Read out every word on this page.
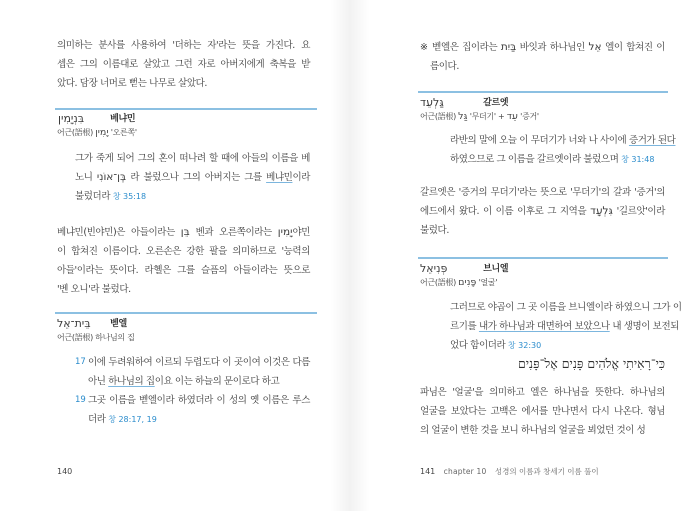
의미하는 분사를 사용하여 '더하는 자'라는 뜻을 가진다. 요
셉은 그의 이름대로 살았고 그런 자로 아버지에게 축복을 받
았다. 담장 너머로 뻗는 나무로 살았다.
בִּנְיָמִין	베냐민
어근(語根) יָמִין '오른쪽'
그가 죽게 되어 그의 혼이 떠나려 할 때에 아들의 이름을 베
노니 בֶּן־אוֹנִי 라 불렀으나 그의 아버지는 그를 베냐민이라
불렀더라 창 35:18
베냐민(빈야민)은 아들이라는 בֵּן 벤과 오른쪽이라는 יָמִין야민
이 합쳐진 이름이다. 오른손은 강한 팔을 의미하므로 '능력의
아들'이라는 뜻이다. 라헬은 그를 슬픔의 아들이라는 뜻으로
'벤 오니'라 불렀다.
בֵּית־אֵל 벧엘
어근(語根) 하나님의 집
17 이에 두려워하여 이르되 두렵도다 이 곳이여 이것은 다름
아닌 하나님의 집이요 이는 하늘의 문이로다 하고
19 그곳 이름을 벧엘이라 하였더라 이 성의 옛 이름은 루스
더라 창 28:17, 19
140
※ 벧엘은 집이라는 בַּיִת 바잇과 하나님인 אֵל 엘이 합쳐진 이
름이다.
גַּלְעֵד	갈르엣
어근(語根) גַּל '무더기' + עֵד '증거'
라반의 말에 오늘 이 무더기가 너와 나 사이에 증거가 된다
하였으므로 그 이름을 갈르엣이라 불렀으며 창 31:48
갈르엣은 '증거의 무더기'라는 뜻으로 '무더기'의 갈과 '증거'의
에드에서 왔다. 이 이름 이후로 그 지역을 גִּלְעָד '길르앗'이라
불렀다.
פְּנִיאֵל	브니엘
어근(語根) פָּנִים '얼굴'
그러므로 야곱이 그 곳 이름을 브니엘이라 하였으니 그가 이
르기를 내가 하나님과 대면하여 보았으나 내 생명이 보전되
었다 함이더라 창 32:30
כִּי־רָאִיתִי אֱלֹהִים פָּנִים אֶל־פָּנִים
파님은 '얼굴'을 의미하고 엘은 하나님을 뜻한다. 하나님의
얼굴을 보았다는 고백은 에서를 만나면서 다시 나온다. 형님
의 얼굴이 변한 것을 보니 하나님의 얼굴을 뵈었던 것이 성
141 chapter 10 성경의 이름과 창세기 이름 풀이
